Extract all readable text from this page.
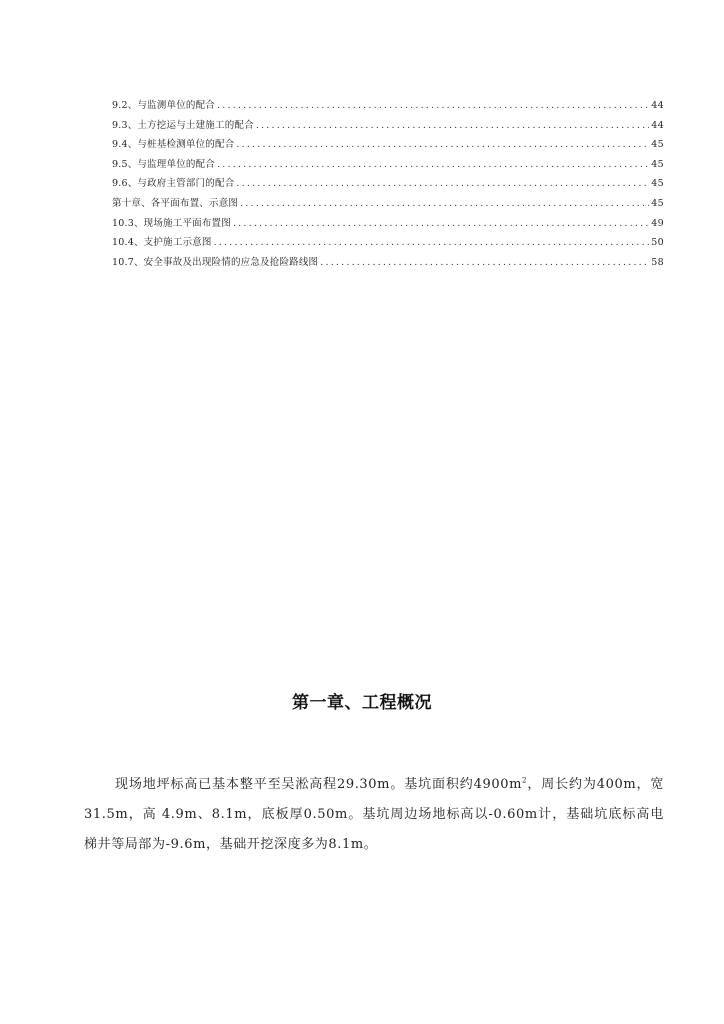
9.2、与监测单位的配合 .....	44
9.3、土方挖运与土建施工的配合 .....	44
9.4、与桩基检测单位的配合 .....	45
9.5、与监理单位的配合 .....	45
9.6、与政府主管部门的配合 .....	45
第十章、各平面布置、示意图 .....	45
10.3、现场施工平面布置图 .....	49
10.4、支护施工示意图 .....	50
10.7、安全事故及出现险情的应急及抢险路线图 .....	58
第一章、工程概况

现场地坪标高已基本整平至吴淞高程29.30m。基坑面积约$4900m^2$，周长约为400m，宽31.5m，高 4.9m、8.1m，底板厚0.50m。基坑周边场地标高以-0.60m计，基础坑底标高电梯井等局部为-9.6m，基础开挖深度多为8.1m。
